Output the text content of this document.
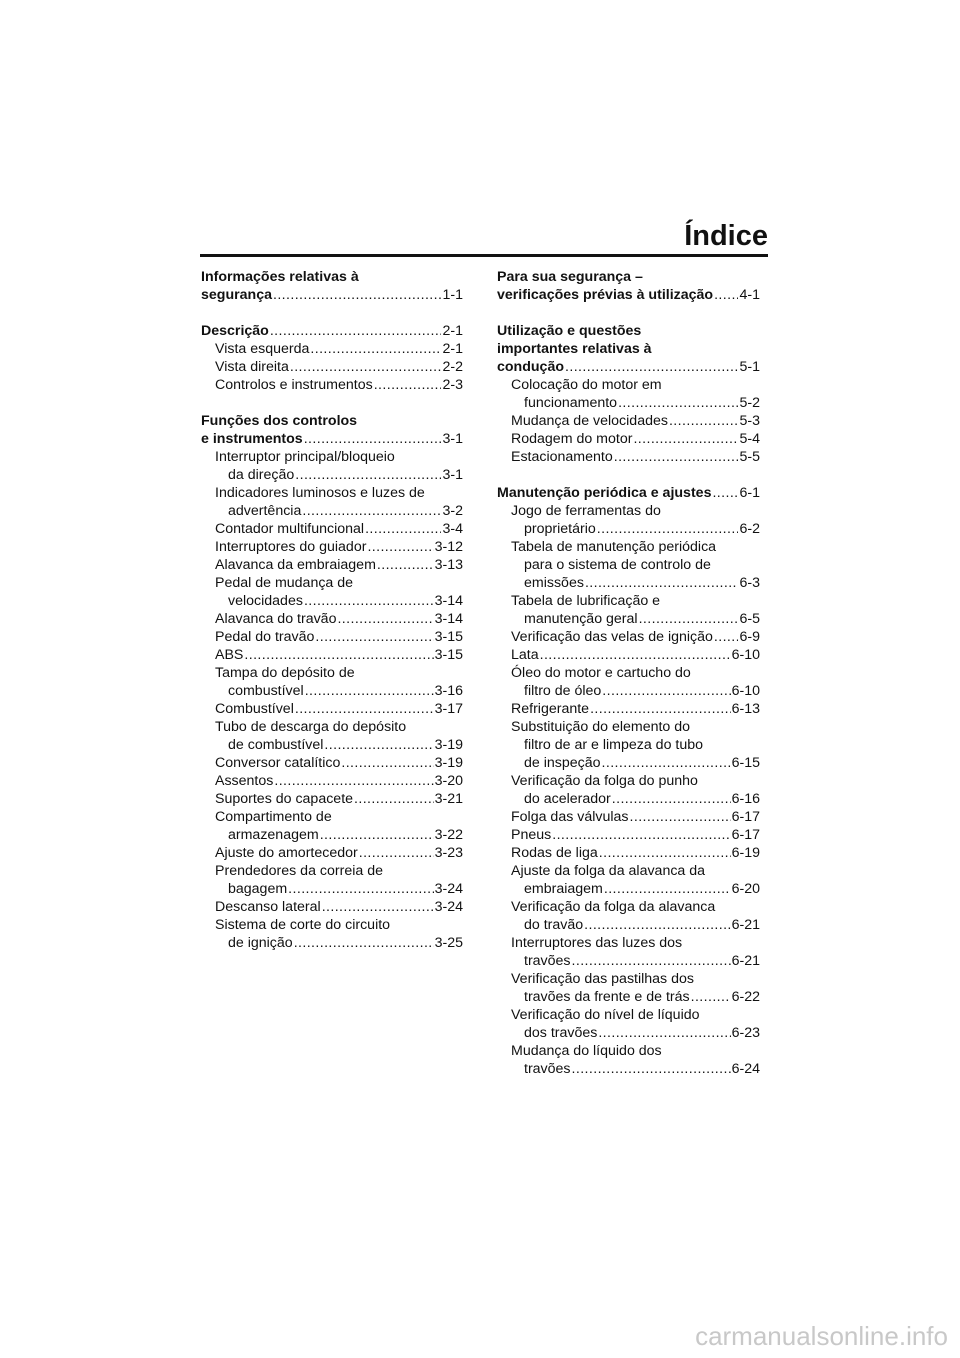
Índice
Informações relativas à
segurança .....	1-1
Descrição .....	2-1
Vista esquerda .....	2-1
Vista direita .....	2-2
Controlos e instrumentos .....	2-3
Funções dos controlos
e instrumentos .....	3-1
Interruptor principal/bloqueio
da direção .....	3-1
Indicadores luminosos e luzes de
advertência .....	3-2
Contador multifuncional .....	3-4
Interruptores do guiador .....	3-12
Alavanca da embraiagem .....	3-13
Pedal de mudança de
velocidades .....	3-14
Alavanca do travão .....	3-14
Pedal do travão .....	3-15
ABS .....	3-15
Tampa do depósito de
combustível .....	3-16
Combustível .....	3-17
Tubo de descarga do depósito
de combustível .....	3-19
Conversor catalítico .....	3-19
Assentos .....	3-20
Suportes do capacete .....	3-21
Compartimento de
armazenagem .....	3-22
Ajuste do amortecedor .....	3-23
Prendedores da correia de
bagagem .....	3-24
Descanso lateral .....	3-24
Sistema de corte do circuito
de ignição .....	3-25
Para sua segurança –
verificações prévias à utilização ..... 4-1
Utilização e questões
importantes relativas à
condução .....	5-1
Colocação do motor em
funcionamento .....	5-2
Mudança de velocidades .....	5-3
Rodagem do motor .....	5-4
Estacionamento .....	5-5
Manutenção periódica e ajustes ..... 6-1
Jogo de ferramentas do
proprietário .....	6-2
Tabela de manutenção periódica
para o sistema de controlo de
emissões .....	6-3
Tabela de lubrificação e
manutenção geral .....	6-5
Verificação das velas de ignição ..... 6-9
Lata .....	6-10
Óleo do motor e cartucho do
filtro de óleo .....	6-10
Refrigerante .....	6-13
Substituição do elemento do
filtro de ar e limpeza do tubo
de inspeção .....	6-15
Verificação da folga do punho
do acelerador .....	6-16
Folga das válvulas .....	6-17
Pneus .....	6-17
Rodas de liga .....	6-19
Ajuste da folga da alavanca da
embraiagem .....	6-20
Verificação da folga da alavanca
do travão .....	6-21
Interruptores das luzes dos
travões .....	6-21
Verificação das pastilhas dos
travões da frente e de trás .....	6-22
Verificação do nível de líquido
dos travões .....	6-23
Mudança do líquido dos
travões .....	6-24
carmanualsonline.info
